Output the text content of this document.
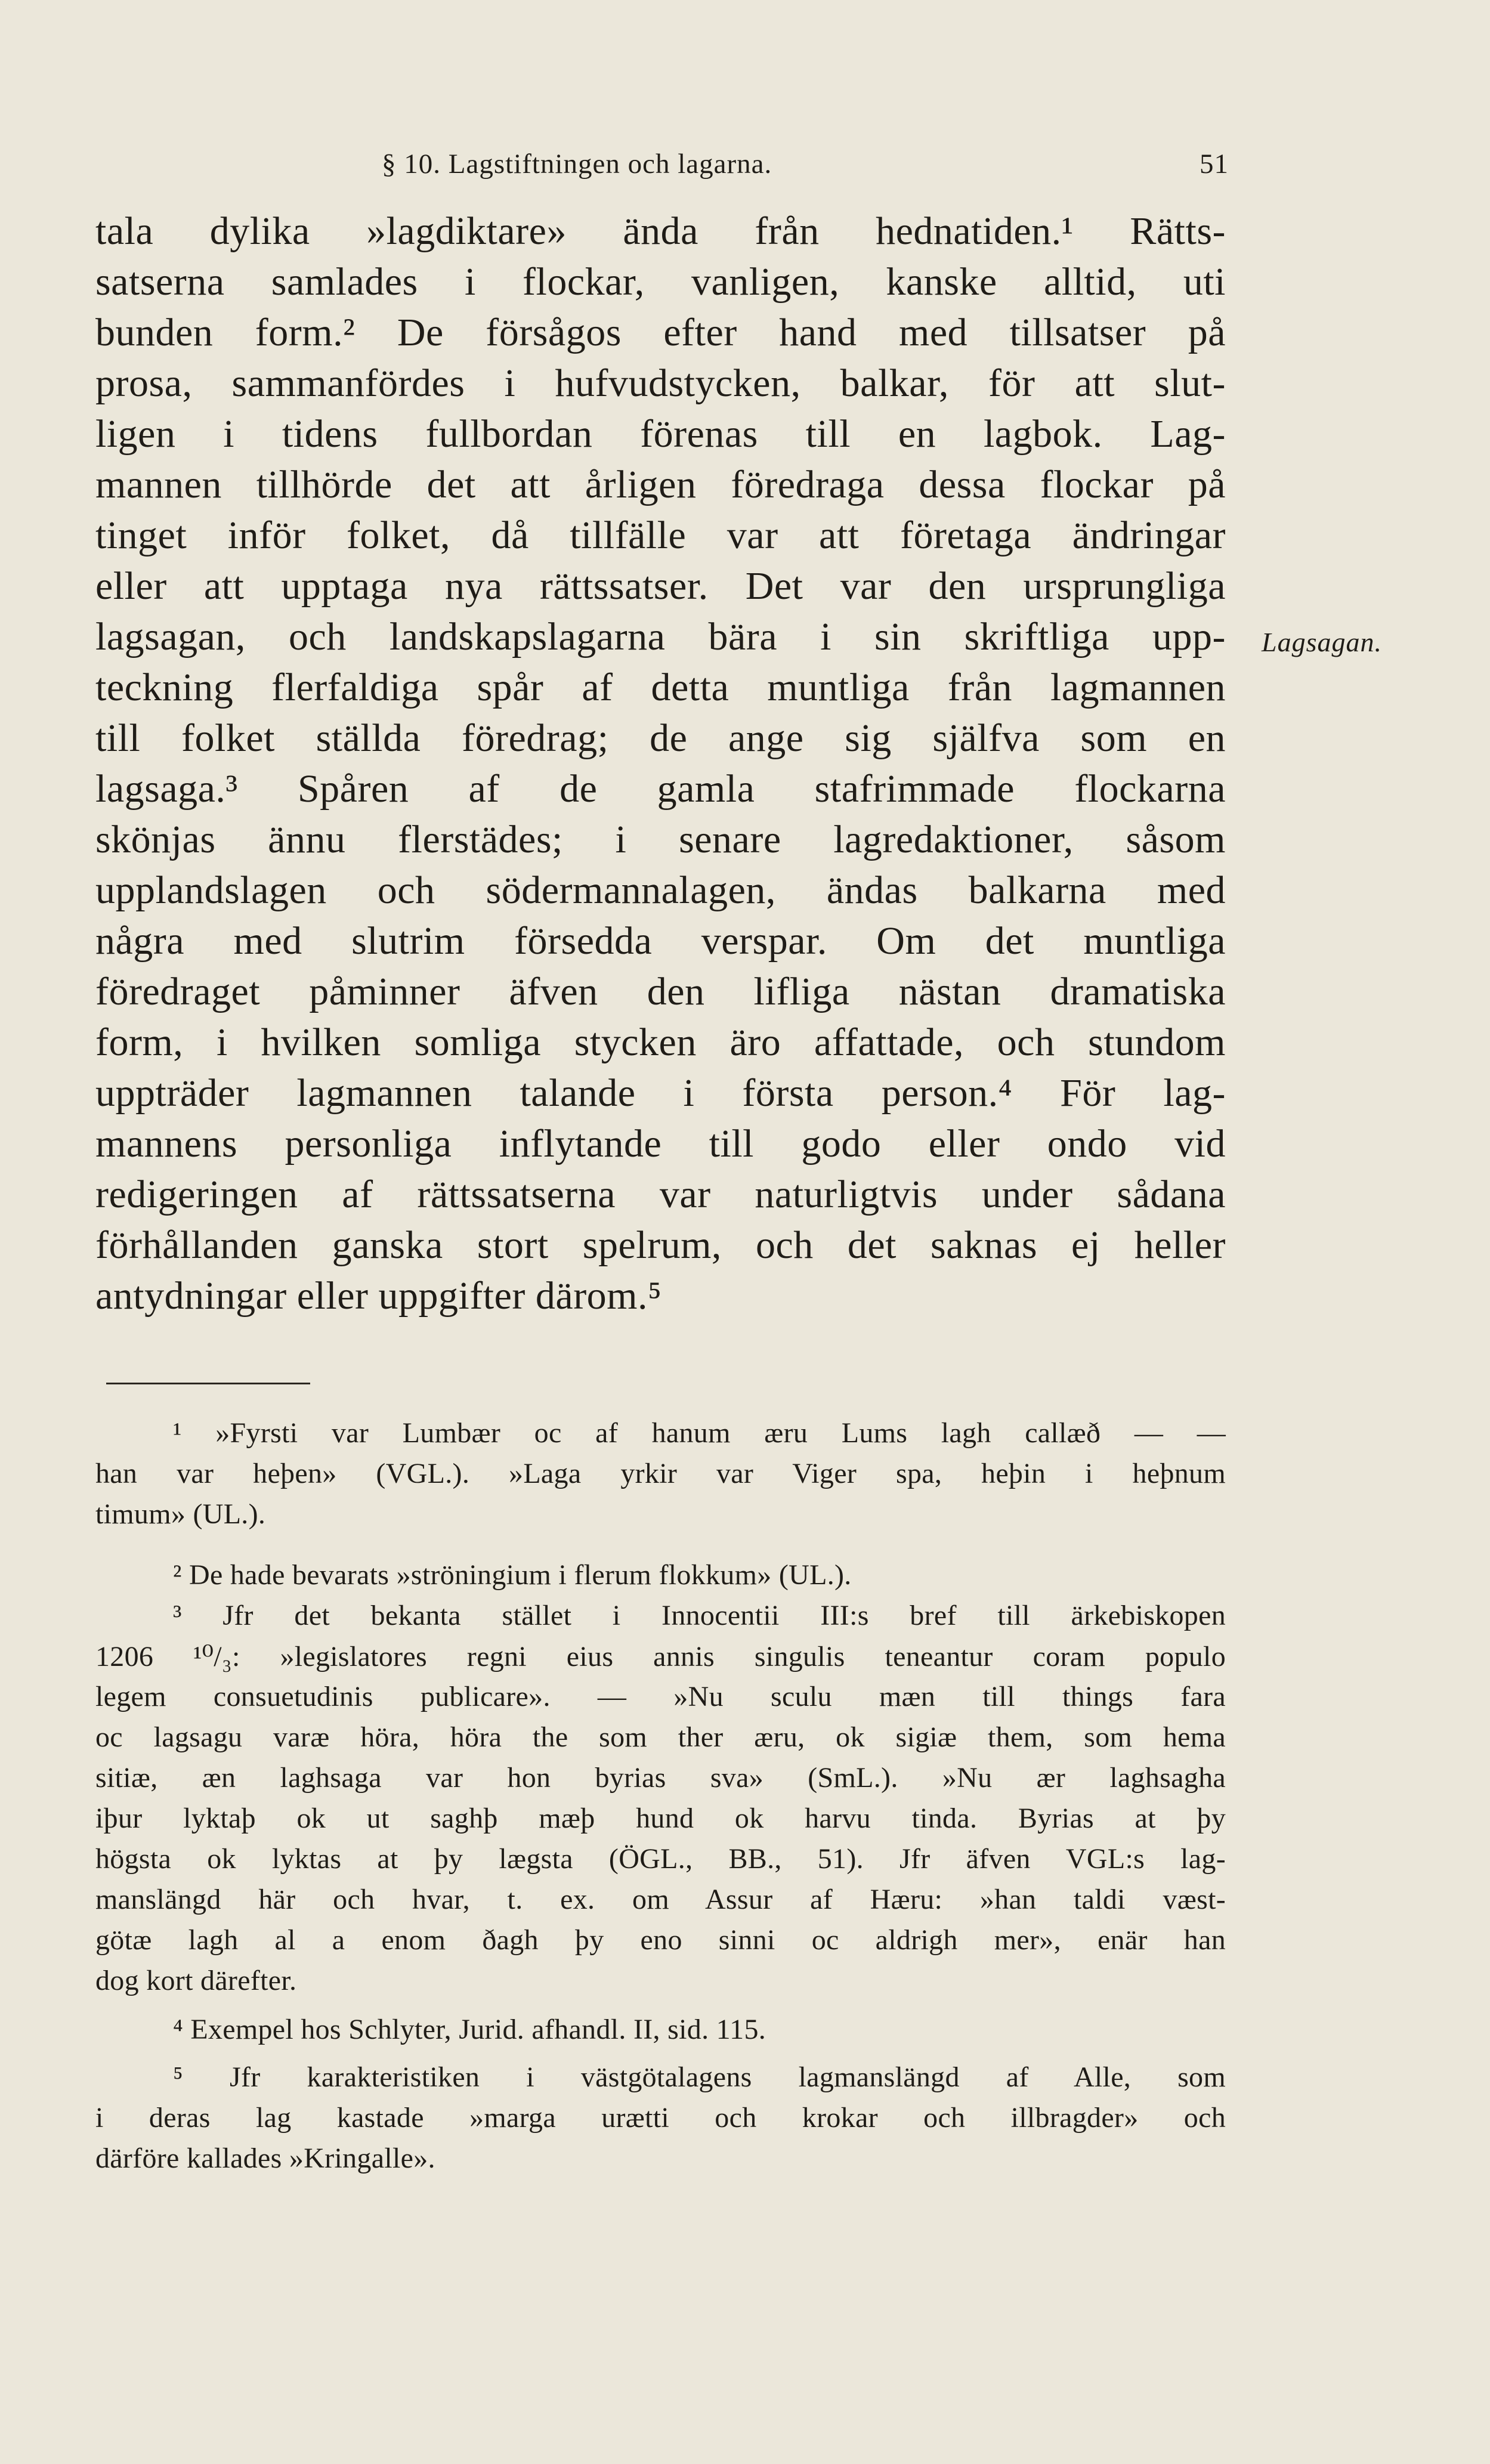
§ 10. Lagstiftningen och lagarna.	51
tala dylika »lagdiktare» ända från hednatiden.¹ Rätts-
satserna samlades i flockar, vanligen, kanske alltid, uti
bunden form.² De försågos efter hand med tillsatser på
prosa, sammanfördes i hufvudstycken, balkar, för att slut-
ligen i tidens fullbordan förenas till en lagbok. Lag-
mannen tillhörde det att årligen föredraga dessa flockar på
tinget inför folket, då tillfälle var att företaga ändringar
eller att upptaga nya rättssatser. Det var den ursprungliga
lagsagan, och landskapslagarna bära i sin skriftliga upp-
teckning flerfaldiga spår af detta muntliga från lagmannen
till folket ställda föredrag; de ange sig själfva som en
lagsaga.³ Spåren af de gamla stafrimmade flockarna
skönjas ännu flerstädes; i senare lagredaktioner, såsom
upplandslagen och södermannalagen, ändas balkarna med
några med slutrim försedda verspar. Om det muntliga
föredraget påminner äfven den lifliga nästan dramatiska
form, i hvilken somliga stycken äro affattade, och stundom
uppträder lagmannen talande i första person.⁴ För lag-
mannens personliga inflytande till godo eller ondo vid
redigeringen af rättssatserna var naturligtvis under sådana
förhållanden ganska stort spelrum, och det saknas ej heller
antydningar eller uppgifter därom.⁵
Lagsagan.
¹ »Fyrsti var Lumbær oc af hanum æru Lums lagh callæð — —
han var heþen» (VGL.). »Laga yrkir var Viger spa, heþin i heþnum
timum» (UL.).
² De hade bevarats »ströningium i flerum flokkum» (UL.).
³ Jfr det bekanta stället i Innocentii III:s bref till ärkebiskopen
1206 ¹⁰/₃: »legislatores regni eius annis singulis teneantur coram populo
legem consuetudinis publicare». — »Nu sculu mæn till things fara
oc lagsagu varæ höra, höra the som ther æru, ok sigiæ them, som hema
sitiæ, æn laghsaga var hon byrias sva» (SmL.). »Nu ær laghsagha
iþur lyktaþ ok ut saghþ mæþ hund ok harvu tinda. Byrias at þy
högsta ok lyktas at þy lægsta (ÖGL., BB., 51). Jfr äfven VGL:s lag-
manslängd här och hvar, t. ex. om Assur af Hæru: »han taldi væst-
götæ lagh al a enom ðagh þy eno sinni oc aldrigh mer», enär han
dog kort därefter.
⁴ Exempel hos Schlyter, Jurid. afhandl. II, sid. 115.
⁵ Jfr karakteristiken i västgötalagens lagmanslängd af Alle, som
i deras lag kastade »marga urætti och krokar och illbragder» och
därföre kallades »Kringalle».
